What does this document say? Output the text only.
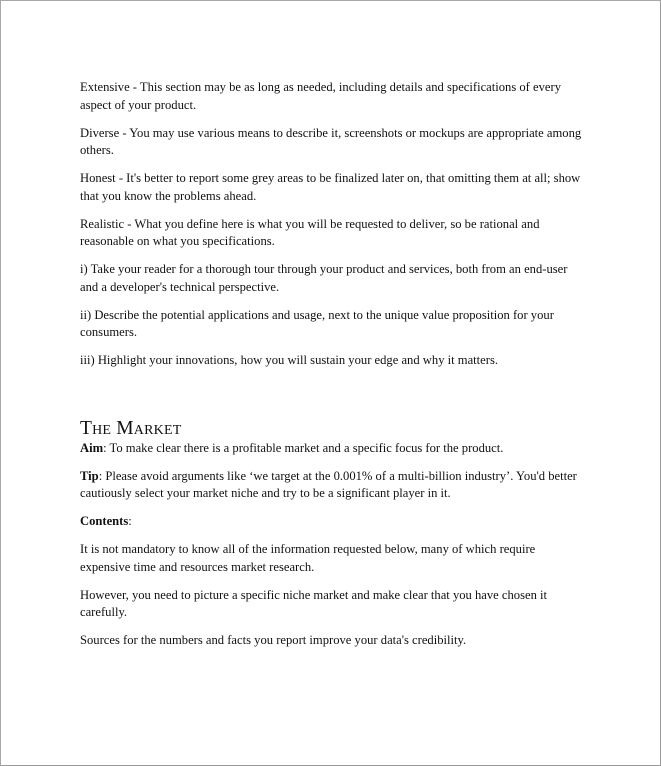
Extensive - This section may be as long as needed, including details and specifications of every aspect of your product.

Diverse - You may use various means to describe it, screenshots or mockups are appropriate among others.

Honest - It's better to report some grey areas to be finalized later on, that omitting them at all; show that you know the problems ahead.

Realistic - What you define here is what you will be requested to deliver, so be rational and reasonable on what you specifications.

i) Take your reader for a thorough tour through your product and services, both from an end-user and a developer's technical perspective.

ii) Describe the potential applications and usage, next to the unique value proposition for your consumers.

iii) Highlight your innovations, how you will sustain your edge and why it matters.

The Market

Aim: To make clear there is a profitable market and a specific focus for the product.

Tip: Please avoid arguments like ‘we target at the 0.001% of a multi-billion industry’. You'd better cautiously select your market niche and try to be a significant player in it.

Contents:

It is not mandatory to know all of the information requested below, many of which require expensive time and resources market research.

However, you need to picture a specific niche market and make clear that you have chosen it carefully.

Sources for the numbers and facts you report improve your data's credibility.
